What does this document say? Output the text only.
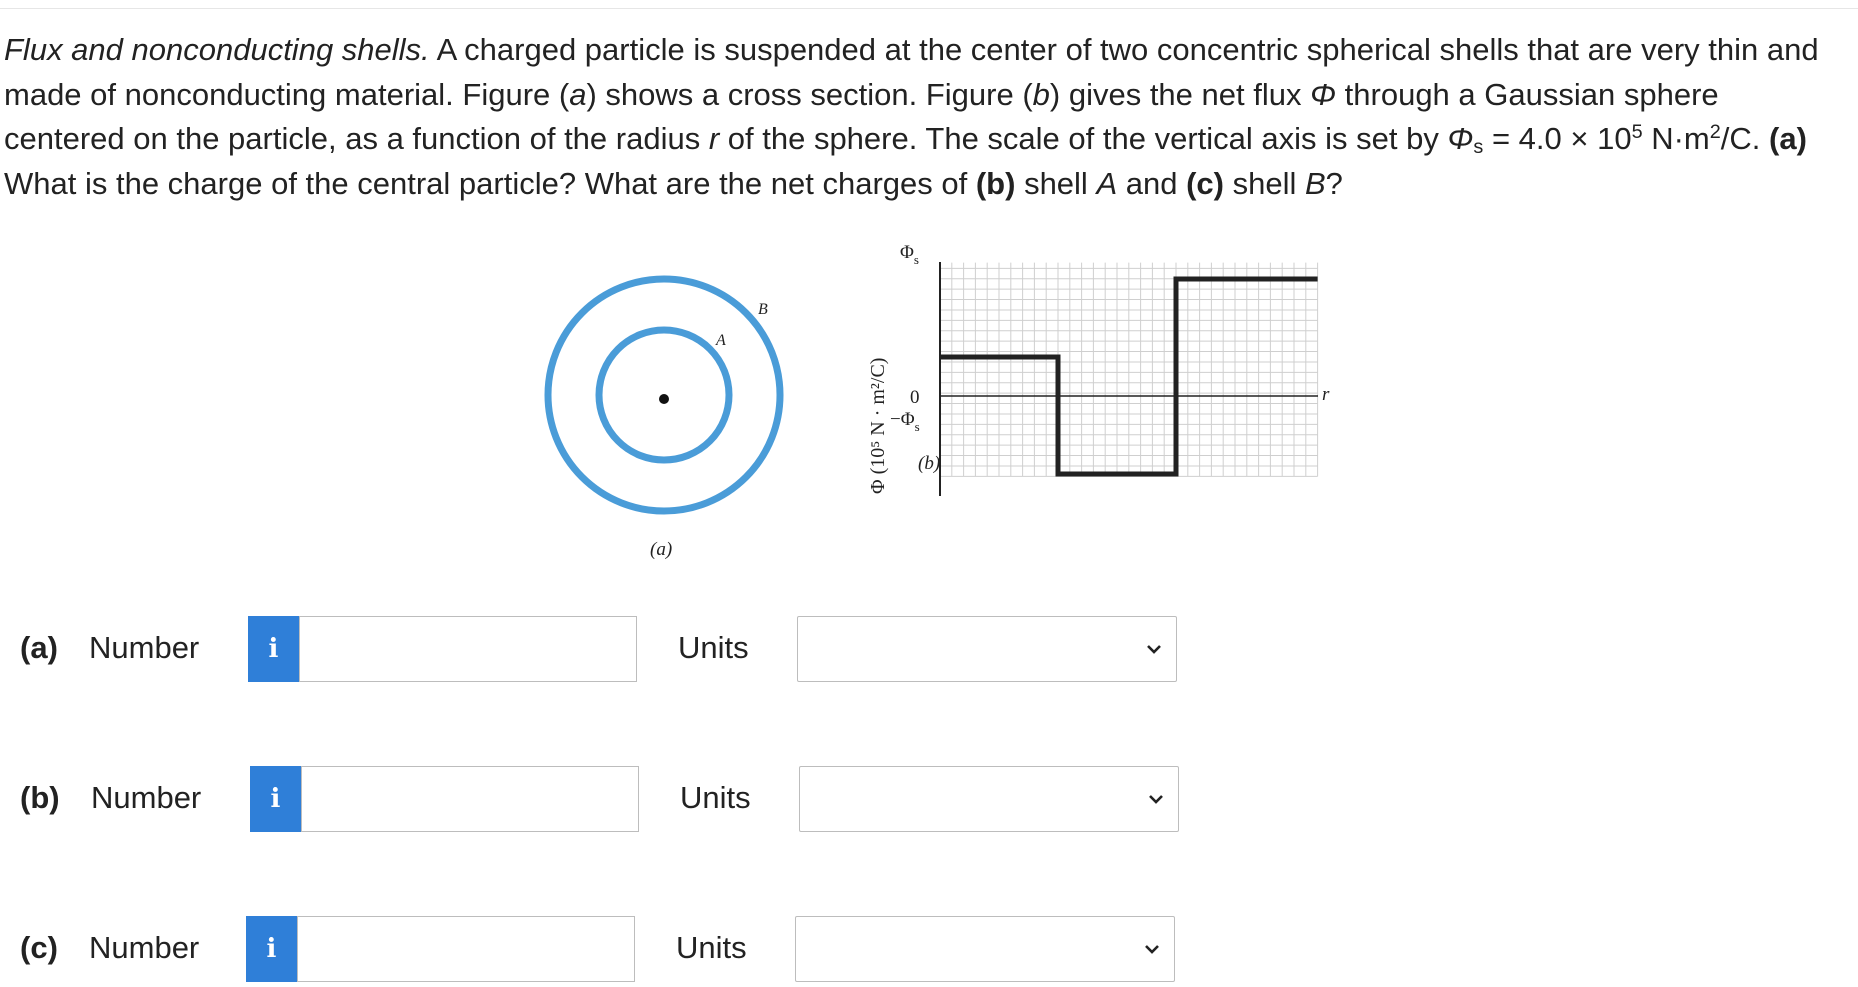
Flux and nonconducting shells. A charged particle is suspended at the center of two concentric spherical shells that are very thin and made of nonconducting material. Figure (a) shows a cross section. Figure (b) gives the net flux Φ through a Gaussian sphere centered on the particle, as a function of the radius r of the sphere. The scale of the vertical axis is set by $\Phi_s = 4.0 \times 10^5$ $N\cdot m^2/C$. (a) What is the charge of the central particle? What are the net charges of (b) shell A and (c) shell B?
A
B
(a)
$\Phi_s$
0
$-\Phi_s$
r
Φ (10⁵ N · m²/C) (b)
(a) Number	i	Units
(b) Number	i	Units
(c) Number	i	Units
